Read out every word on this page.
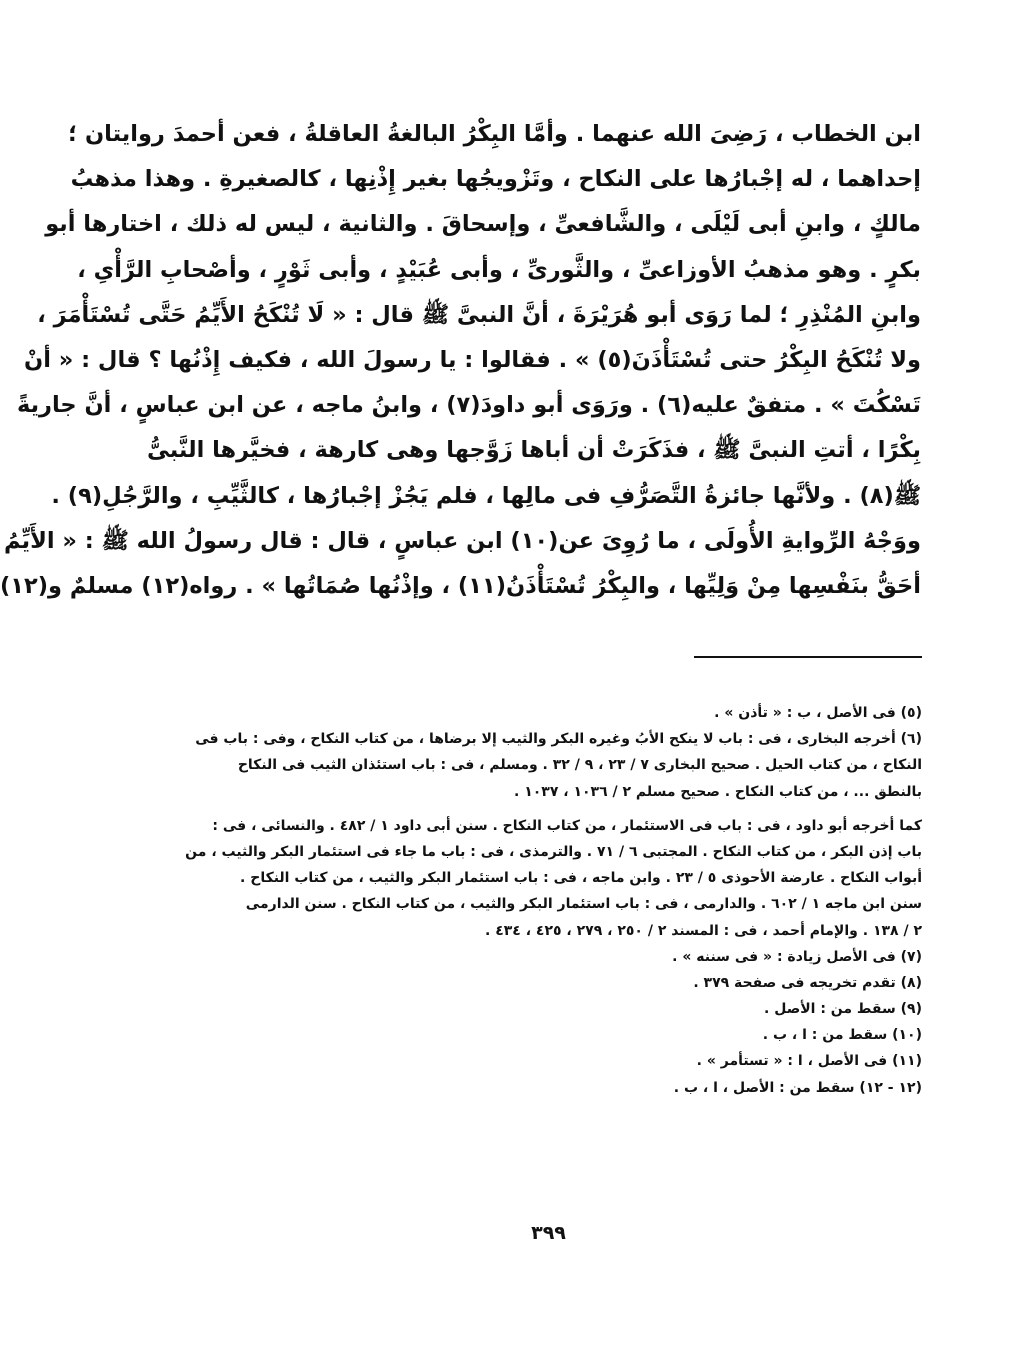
ابن الخطاب ، رَضِىَ الله عنهما . وأمَّا البِكْرُ البالغةُ العاقلةُ ، فعن أحمدَ روايتان ؛
إحداهما ، له إجْبارُها على النكاح ، وتَزْويجُها بغير إِذْنِها ، كالصغيرةِ . وهذا مذهبُ
مالكٍ ، وابنِ أبى لَيْلَى ، والشَّافعىِّ ، وإسحاقَ . والثانية ، ليس له ذلك ، اختارها أبو
بكرٍ . وهو مذهبُ الأوزاعىِّ ، والثَّورىِّ ، وأبى عُبَيْدٍ ، وأبى ثَوْرٍ ، وأصْحابِ الرَّأْىِ ،
وابنِ المُنْذِرِ ؛ لما رَوَى أبو هُرَيْرَةَ ، أنَّ النبىَّ ﷺ قال : « لَا تُنْكَحُ الأَيِّمُ حَتَّى تُسْتَأْمَرَ ،
ولا تُنْكَحُ البِكْرُ حتى تُسْتَأْذَنَ(٥) » . فقالوا : يا رسولَ الله ، فكيف إِذْنُها ؟ قال : « أنْ
تَسْكُتَ » . متفقٌ عليه(٦) . ورَوَى أبو داودَ(٧) ، وابنُ ماجه ، عن ابن عباسٍ ، أنَّ جاريةً
بِكْرًا ، أتتِ النبىَّ ﷺ ، فذَكَرَتْ أن أباها زَوَّجها وهى كارهة ، فخيَّرها النَّبىُّ
ﷺ(٨) . ولأنَّها جائزةُ التَّصَرُّفِ فى مالِها ، فلم يَجُزْ إجْبارُها ، كالثَّيِّبِ ، والرَّجُلِ(٩) .
ووَجْهُ الرِّوايةِ الأُولَى ، ما رُوِىَ عن(١٠) ابن عباسٍ ، قال : قال رسولُ الله ﷺ : « الأَيِّمُ
أحَقُّ بنَفْسِها مِنْ وَلِيِّها ، والبِكْرُ تُسْتَأْذَنُ(١١) ، وإذْنُها صُمَاتُها » . رواه(١٢) مسلمٌ و(١٢)
(٥) فى الأصل ، ب : « تأذن » .
(٦) أخرجه البخارى ، فى : باب لا ينكح الأبُ وغيره البكر والثيب إلا برضاها ، من كتاب النكاح ، وفى : باب فى
النكاح ، من كتاب الحيل . صحيح البخارى ٧ / ٢٣ ، ٩ / ٣٢ . ومسلم ، فى : باب استئذان الثيب فى النكاح
بالنطق ... ، من كتاب النكاح . صحيح مسلم ٢ / ١٠٣٦ ، ١٠٣٧ .
كما أخرجه أبو داود ، فى : باب فى الاستئمار ، من كتاب النكاح . سنن أبى داود ١ / ٤٨٢ . والنسائى ، فى :
باب إذن البكر ، من كتاب النكاح . المجتبى ٦ / ٧١ . والترمذى ، فى : باب ما جاء فى استئمار البكر والثيب ، من
أبواب النكاح . عارضة الأحوذى ٥ / ٢٣ . وابن ماجه ، فى : باب استئمار البكر والثيب ، من كتاب النكاح .
سنن ابن ماجه ١ / ٦٠٢ . والدارمى ، فى : باب استئمار البكر والثيب ، من كتاب النكاح . سنن الدارمى
٢ / ١٣٨ . والإمام أحمد ، فى : المسند ٢ / ٢٥٠ ، ٢٧٩ ، ٤٢٥ ، ٤٣٤ .
(٧) فى الأصل زيادة : « فى سننه » .
(٨) تقدم تخريجه فى صفحة ٣٧٩ .
(٩) سقط من : الأصل .
(١٠) سقط من : ا ، ب .
(١١) فى الأصل ، ا : « تستأمر » .
(١٢ - ١٢) سقط من : الأصل ، ا ، ب .
٣٩٩
